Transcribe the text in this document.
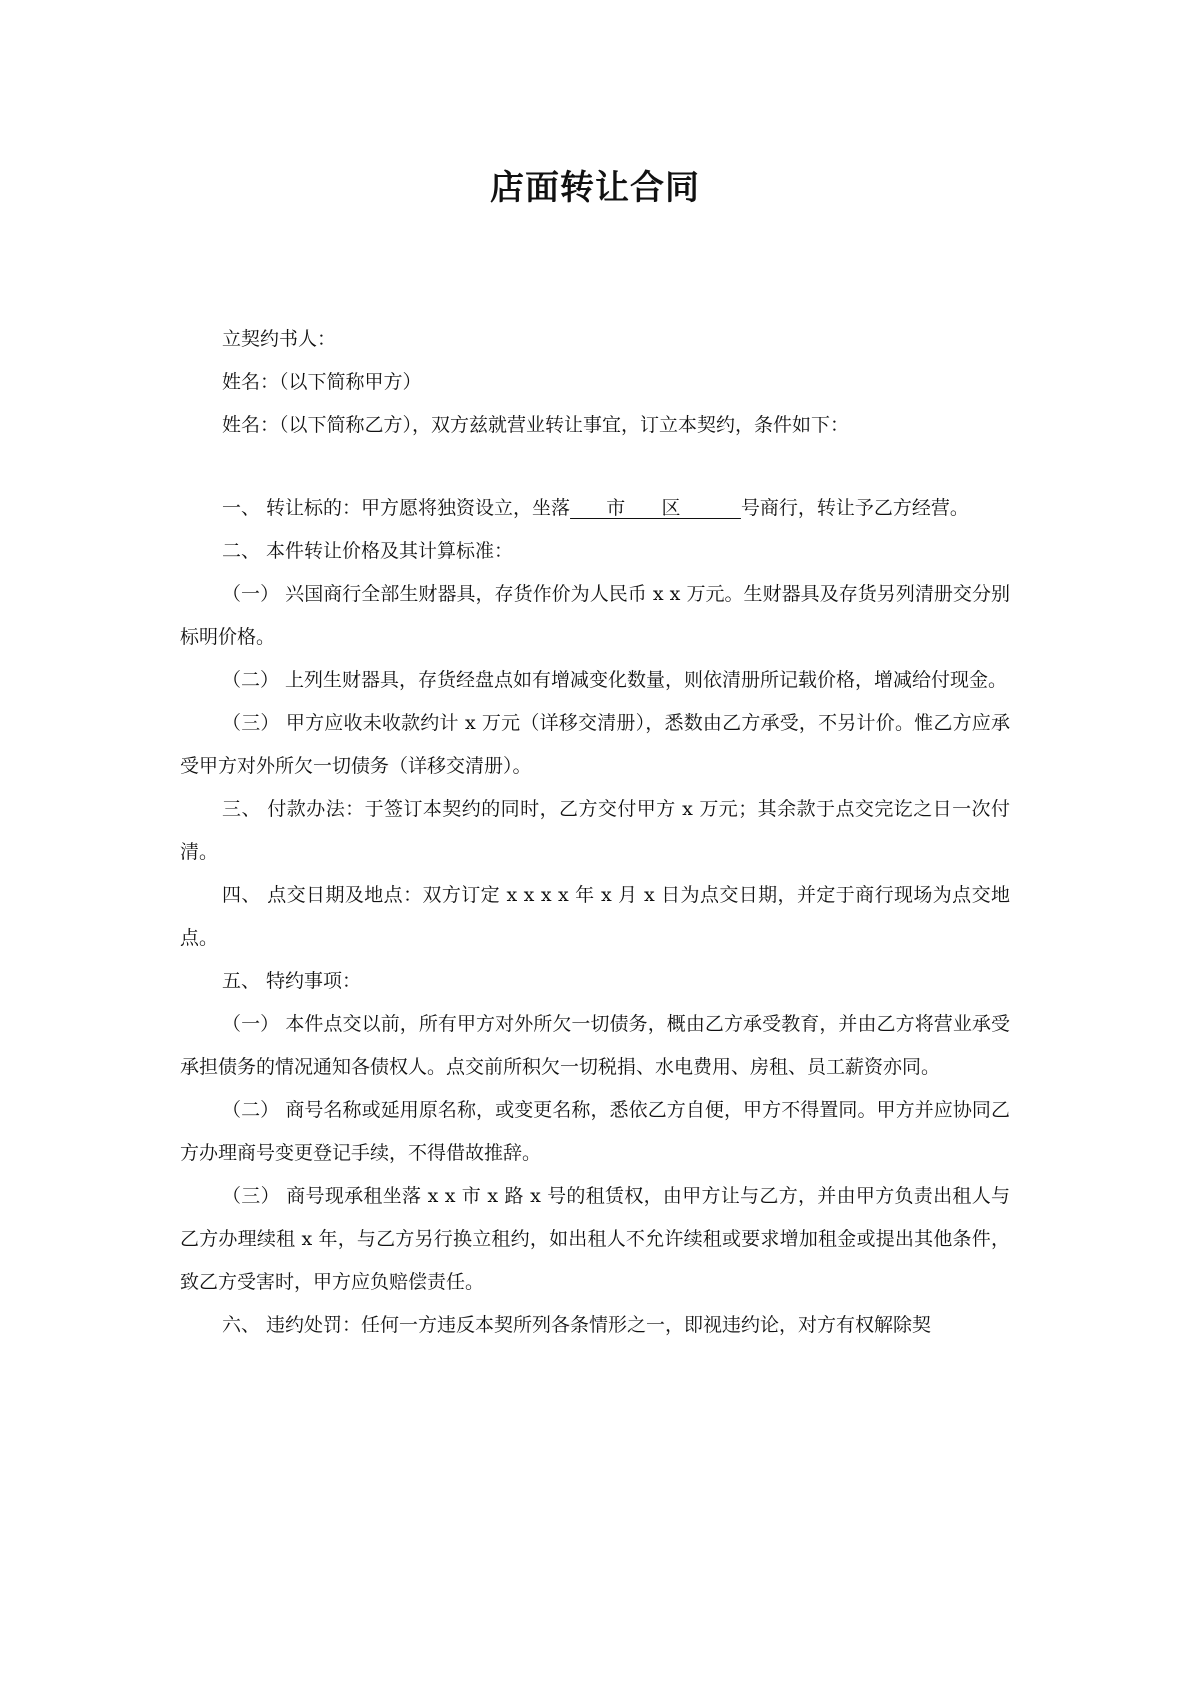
店面转让合同

立契约书人：

姓名：（以下简称甲方）

姓名：（以下简称乙方），双方兹就营业转让事宜，订立本契约，条件如下：

一、 转让标的：甲方愿将独资设立，坐落      市      区          号商行，转让予乙方经营。

二、 本件转让价格及其计算标准：

（一） 兴国商行全部生财器具，存货作价为人民币 x x 万元。生财器具及存货另列清册交分别标明价格。

（二） 上列生财器具，存货经盘点如有增减变化数量，则依清册所记载价格，增减给付现金。

（三） 甲方应收未收款约计 x 万元（详移交清册），悉数由乙方承受，不另计价。惟乙方应承受甲方对外所欠一切债务（详移交清册）。

三、 付款办法：于签订本契约的同时，乙方交付甲方 x 万元；其余款于点交完讫之日一次付清。

四、 点交日期及地点：双方订定 x x x x 年 x 月 x 日为点交日期，并定于商行现场为点交地点。

五、 特约事项：

（一） 本件点交以前，所有甲方对外所欠一切债务，概由乙方承受教育，并由乙方将营业承受承担债务的情况通知各债权人。点交前所积欠一切税捐、水电费用、房租、员工薪资亦同。

（二） 商号名称或延用原名称，或变更名称，悉依乙方自便，甲方不得置同。甲方并应协同乙方办理商号变更登记手续，不得借故推辞。

（三） 商号现承租坐落 x x 市 x 路 x 号的租赁权，由甲方让与乙方，并由甲方负责出租人与乙方办理续租 x 年，与乙方另行换立租约，如出租人不允许续租或要求增加租金或提出其他条件，致乙方受害时，甲方应负赔偿责任。

六、 违约处罚：任何一方违反本契所列各条情形之一，即视违约论，对方有权解除契
